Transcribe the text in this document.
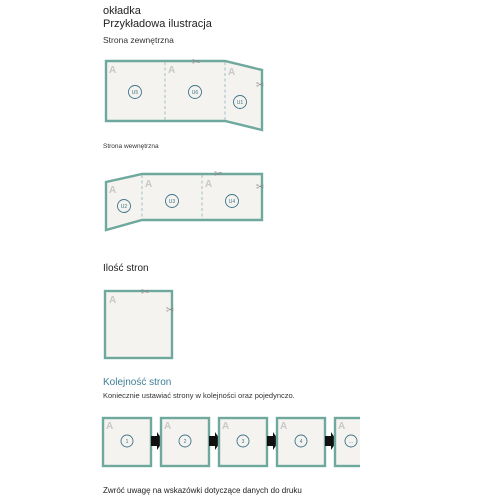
okładka
Przykładowa ilustracja
Strona zewnętrzna
A	A	A
U5	U6
U1
✂
✂
Strona wewnętrzna
A
A	A
U2
U3	U4
✂
✂
Ilość stron
A
✂
✂
Kolejność stron
Koniecznie ustawiać strony w kolejności oraz pojedynczo.
A
1
A
2
A
3
A
4
A
...
Zwróć uwagę na wskazówki dotyczące danych do druku
